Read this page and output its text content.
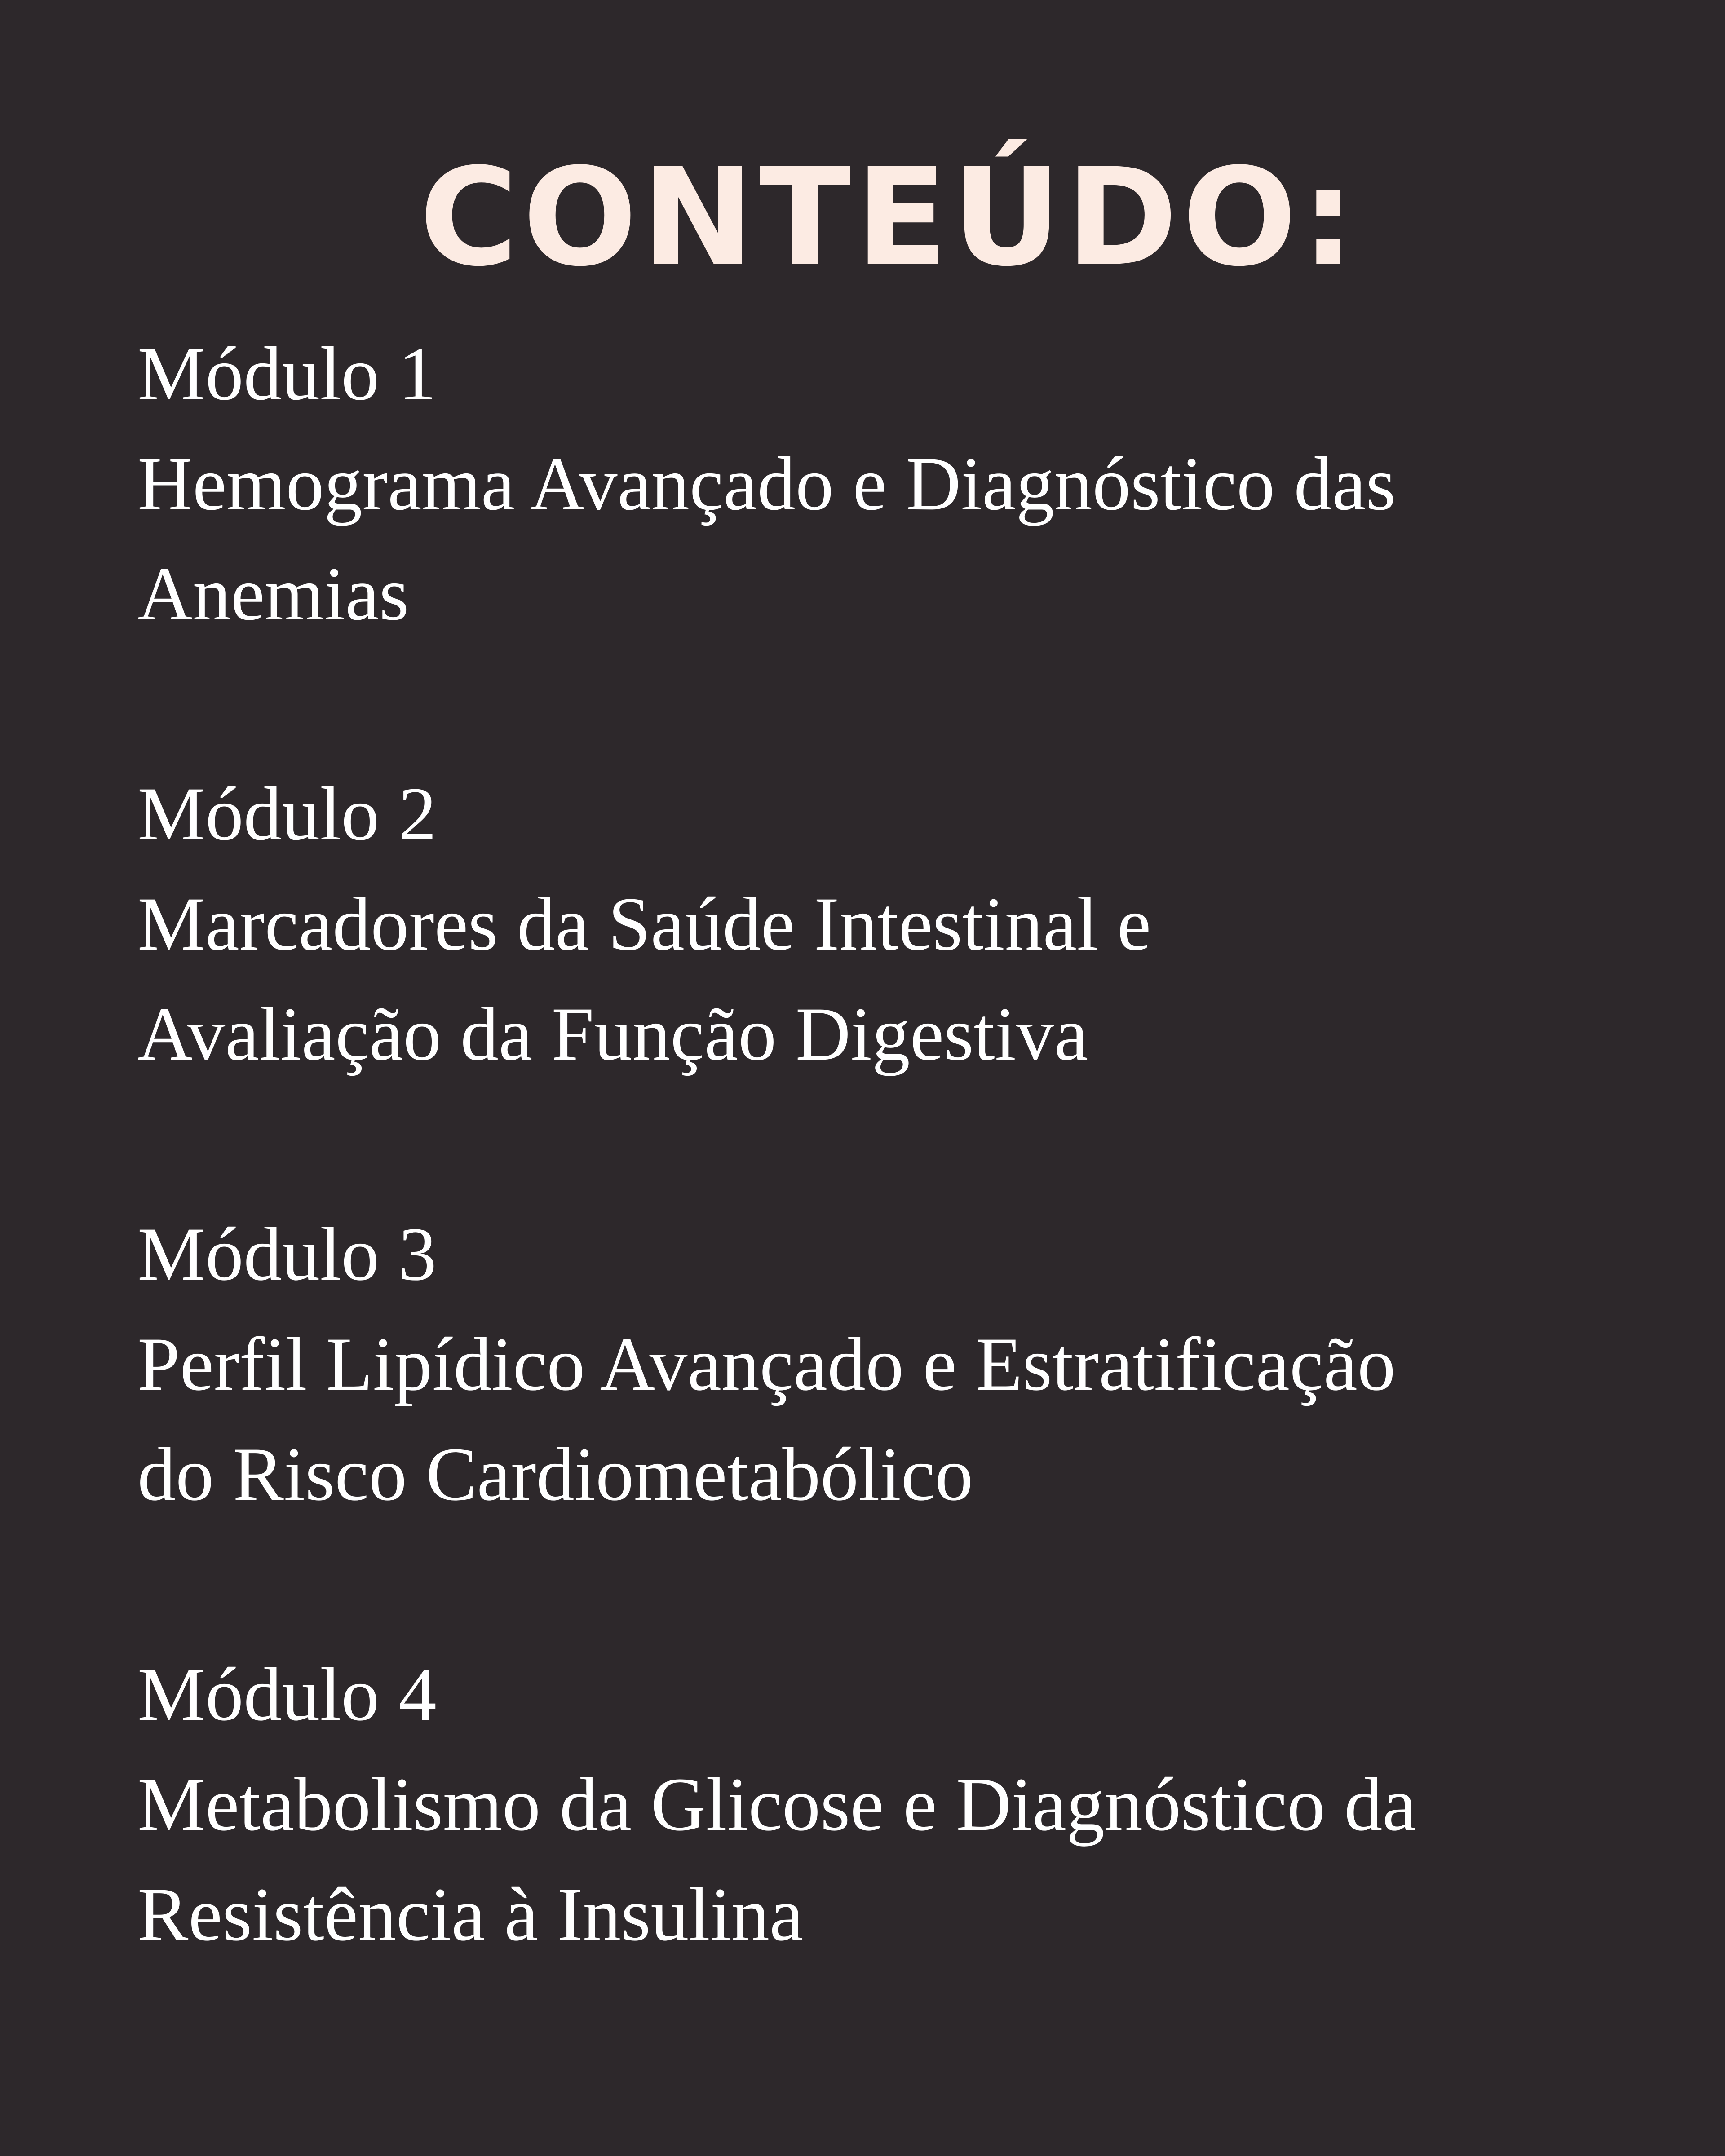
CONTEÚDO:
Módulo 1
Hemograma Avançado e Diagnóstico das
Anemias
Módulo 2
Marcadores da Saúde Intestinal e
Avaliação da Função Digestiva
Módulo 3
Perfil Lipídico Avançado e Estratificação
do Risco Cardiometabólico
Módulo 4
Metabolismo da Glicose e Diagnóstico da
Resistência à Insulina
